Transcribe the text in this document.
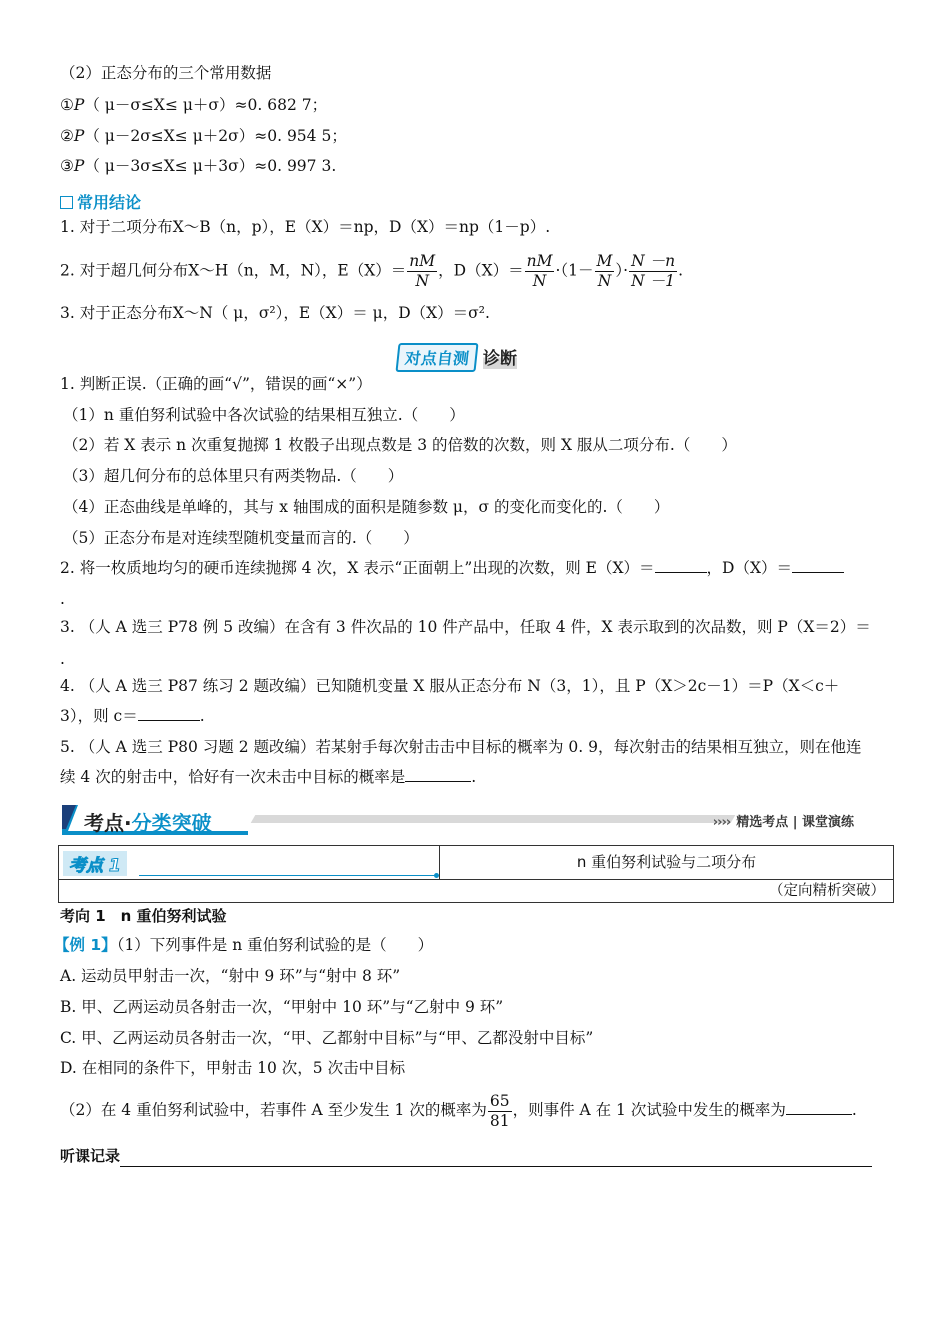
（2）正态分布的三个常用数据
①P（ μ－σ≤X≤ μ＋σ）≈0. 682 7；
②P（ μ－2σ≤X≤ μ＋2σ）≈0. 954 5；
③P（ μ－3σ≤X≤ μ＋3σ）≈0. 997 3.
常用结论
1. 对于二项分布X～B（n，p），E（X）＝np，D（X）＝np（1－p）.
2. 对于超几何分布X～H（n，M，N），$E(X)= \frac{nM}{N}$ ，$D(X)= \frac{nM}{N} \cdot(1- \frac{M}{N}$ ）· $\frac{N -n}{N -1}$ .
3. 对于正态分布X～N（ μ，σ²），E（X）＝ μ，D（X）＝σ².
对点自测 诊断
1. 判断正误.（正确的画“√”，错误的画“×”）
（1）n 重伯努利试验中各次试验的结果相互独立.（　　）
（2）若 X 表示 n 次重复抛掷 1 枚骰子出现点数是 3 的倍数的次数，则 X 服从二项分布.（　　）
（3）超几何分布的总体里只有两类物品.（　　）
（4）正态曲线是单峰的，其与 x 轴围成的面积是随参数 μ，σ 的变化而变化的.（　　）
（5）正态分布是对连续型随机变量而言的.（　　）
2. 将一枚质地均匀的硬币连续抛掷 4 次，X 表示“正面朝上”出现的次数，则 E（X）＝	，D（X）＝
.
3. （人 A 选三 P78 例 5 改编）在含有 3 件次品的 10 件产品中，任取 4 件，X 表示取到的次品数，则 P（X＝2）＝
.
4. （人 A 选三 P87 练习 2 题改编）已知随机变量 X 服从正态分布 N（3，1），且 P（X＞2c－1）＝P（X＜c＋
3），则 c＝	.
5. （人 A 选三 P80 习题 2 题改编）若某射手每次射击击中目标的概率为 0. 9，每次射击的结果相互独立，则在他连
续 4 次的射击中，恰好有一次未击中目标的概率是	.
考点·分类突破	›››› 精选考点 | 课堂演练
考点 1	n 重伯努利试验与二项分布
（定向精析突破）
考向 1　n 重伯努利试验
【例 1】（1）下列事件是 n 重伯努利试验的是（　　）
A. 运动员甲射击一次，“射中 9 环”与“射中 8 环”
B. 甲、乙两运动员各射击一次，“甲射中 10 环”与“乙射中 9 环”
C. 甲、乙两运动员各射击一次，“甲、乙都射中目标”与“甲、乙都没射中目标”
D. 在相同的条件下，甲射击 10 次，5 次击中目标
（2）在 4 重伯努利试验中，若事件 A 至少发生 1 次的概率为 $\frac{65}{81}$ ，则事件 A 在 1 次试验中发生的概率为	.
听课记录
